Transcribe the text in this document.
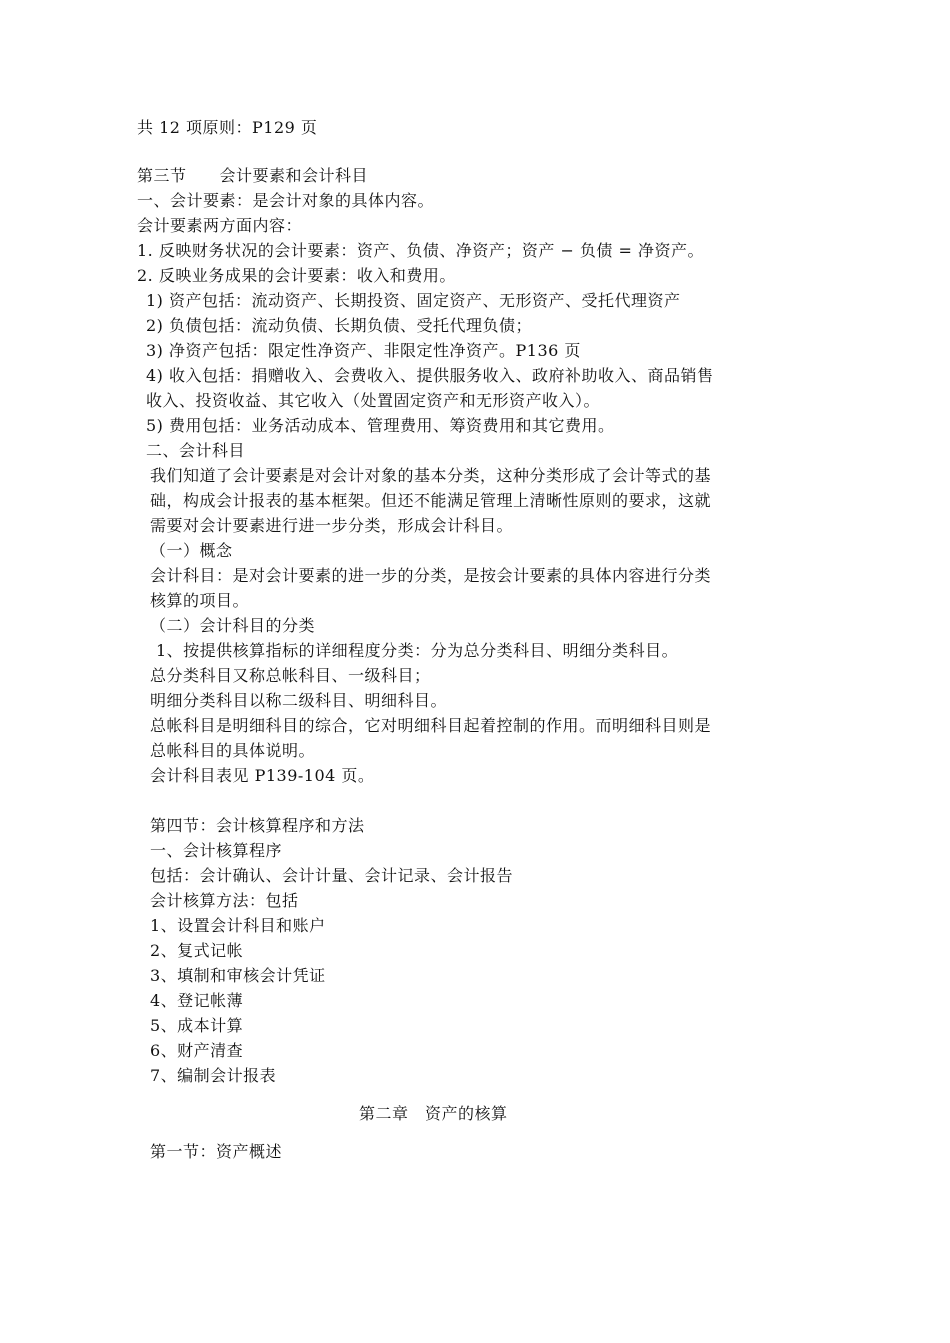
共 12 项原则：P129 页
第三节　　会计要素和会计科目
一、会计要素：是会计对象的具体内容。
会计要素两方面内容：
1. 反映财务状况的会计要素：资产、负债、净资产；资产 − 负债 = 净资产。
2. 反映业务成果的会计要素：收入和费用。
1) 资产包括：流动资产、长期投资、固定资产、无形资产、受托代理资产
2) 负债包括：流动负债、长期负债、受托代理负债；
3) 净资产包括：限定性净资产、非限定性净资产。P136 页
4) 收入包括：捐赠收入、会费收入、提供服务收入、政府补助收入、商品销售
收入、投资收益、其它收入（处置固定资产和无形资产收入）。
5) 费用包括：业务活动成本、管理费用、筹资费用和其它费用。
二、会计科目
我们知道了会计要素是对会计对象的基本分类，这种分类形成了会计等式的基
础，构成会计报表的基本框架。但还不能满足管理上清晰性原则的要求，这就
需要对会计要素进行进一步分类，形成会计科目。
（一）概念
会计科目：是对会计要素的进一步的分类，是按会计要素的具体内容进行分类
核算的项目。
（二）会计科目的分类
1、按提供核算指标的详细程度分类：分为总分类科目、明细分类科目。
总分类科目又称总帐科目、一级科目；
明细分类科目以称二级科目、明细科目。
总帐科目是明细科目的综合，它对明细科目起着控制的作用。而明细科目则是
总帐科目的具体说明。
会计科目表见 P139-104 页。
第四节：会计核算程序和方法
一、会计核算程序
包括：会计确认、会计计量、会计记录、会计报告
会计核算方法：包括
1、设置会计科目和账户
2、复式记帐
3、填制和审核会计凭证
4、登记帐薄
5、成本计算
6、财产清查
7、编制会计报表
第二章　资产的核算
第一节：资产概述
